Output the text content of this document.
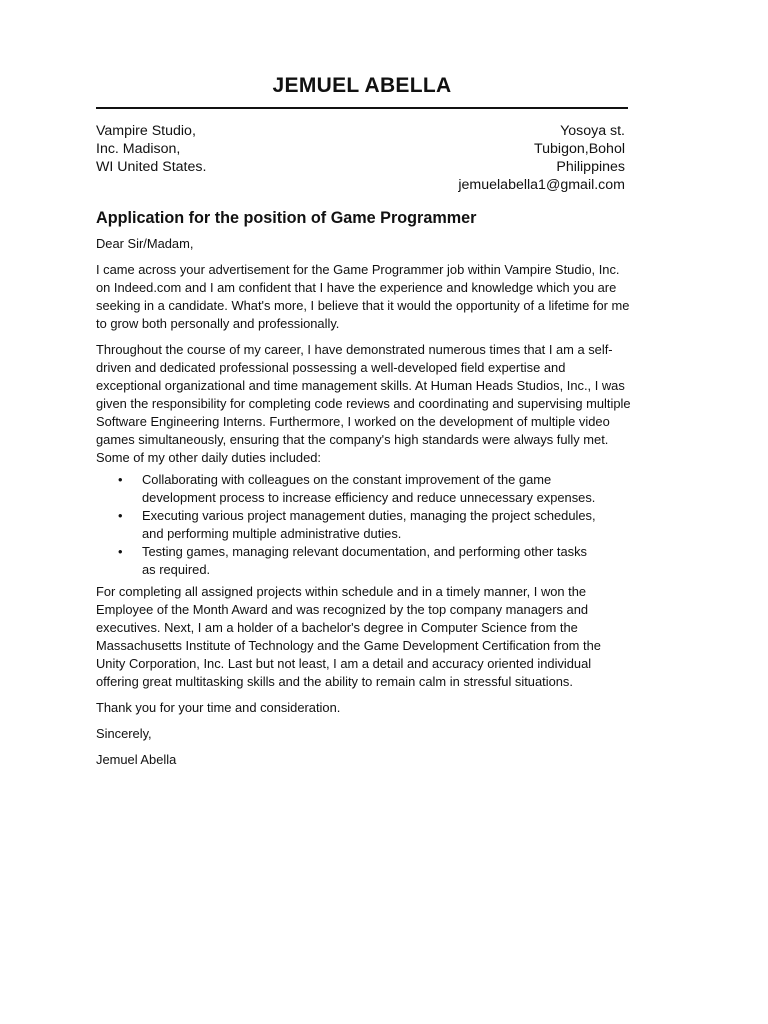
JEMUEL ABELLA
Vampire Studio,
Inc. Madison,
WI United States.
Yosoya st.
Tubigon,Bohol
Philippines
jemuelabella1@gmail.com
Application for the position of Game Programmer

Dear Sir/Madam,

I came across your advertisement for the Game Programmer job within Vampire Studio, Inc. on Indeed.com and I am confident that I have the experience and knowledge which you are seeking in a candidate. What's more, I believe that it would the opportunity of a lifetime for me to grow both personally and professionally.

Throughout the course of my career, I have demonstrated numerous times that I am a self-driven and dedicated professional possessing a well-developed field expertise and exceptional organizational and time management skills. At Human Heads Studios, Inc., I was given the responsibility for completing code reviews and coordinating and supervising multiple Software Engineering Interns. Furthermore, I worked on the development of multiple video games simultaneously, ensuring that the company's high standards were always fully met. Some of my other daily duties included:

• Collaborating with colleagues on the constant improvement of the game development process to increase efficiency and reduce unnecessary expenses.
• Executing various project management duties, managing the project schedules, and performing multiple administrative duties.
• Testing games, managing relevant documentation, and performing other tasks as required.

For completing all assigned projects within schedule and in a timely manner, I won the Employee of the Month Award and was recognized by the top company managers and executives. Next, I am a holder of a bachelor's degree in Computer Science from the Massachusetts Institute of Technology and the Game Development Certification from the Unity Corporation, Inc. Last but not least, I am a detail and accuracy oriented individual offering great multitasking skills and the ability to remain calm in stressful situations.

Thank you for your time and consideration.

Sincerely,

Jemuel Abella
